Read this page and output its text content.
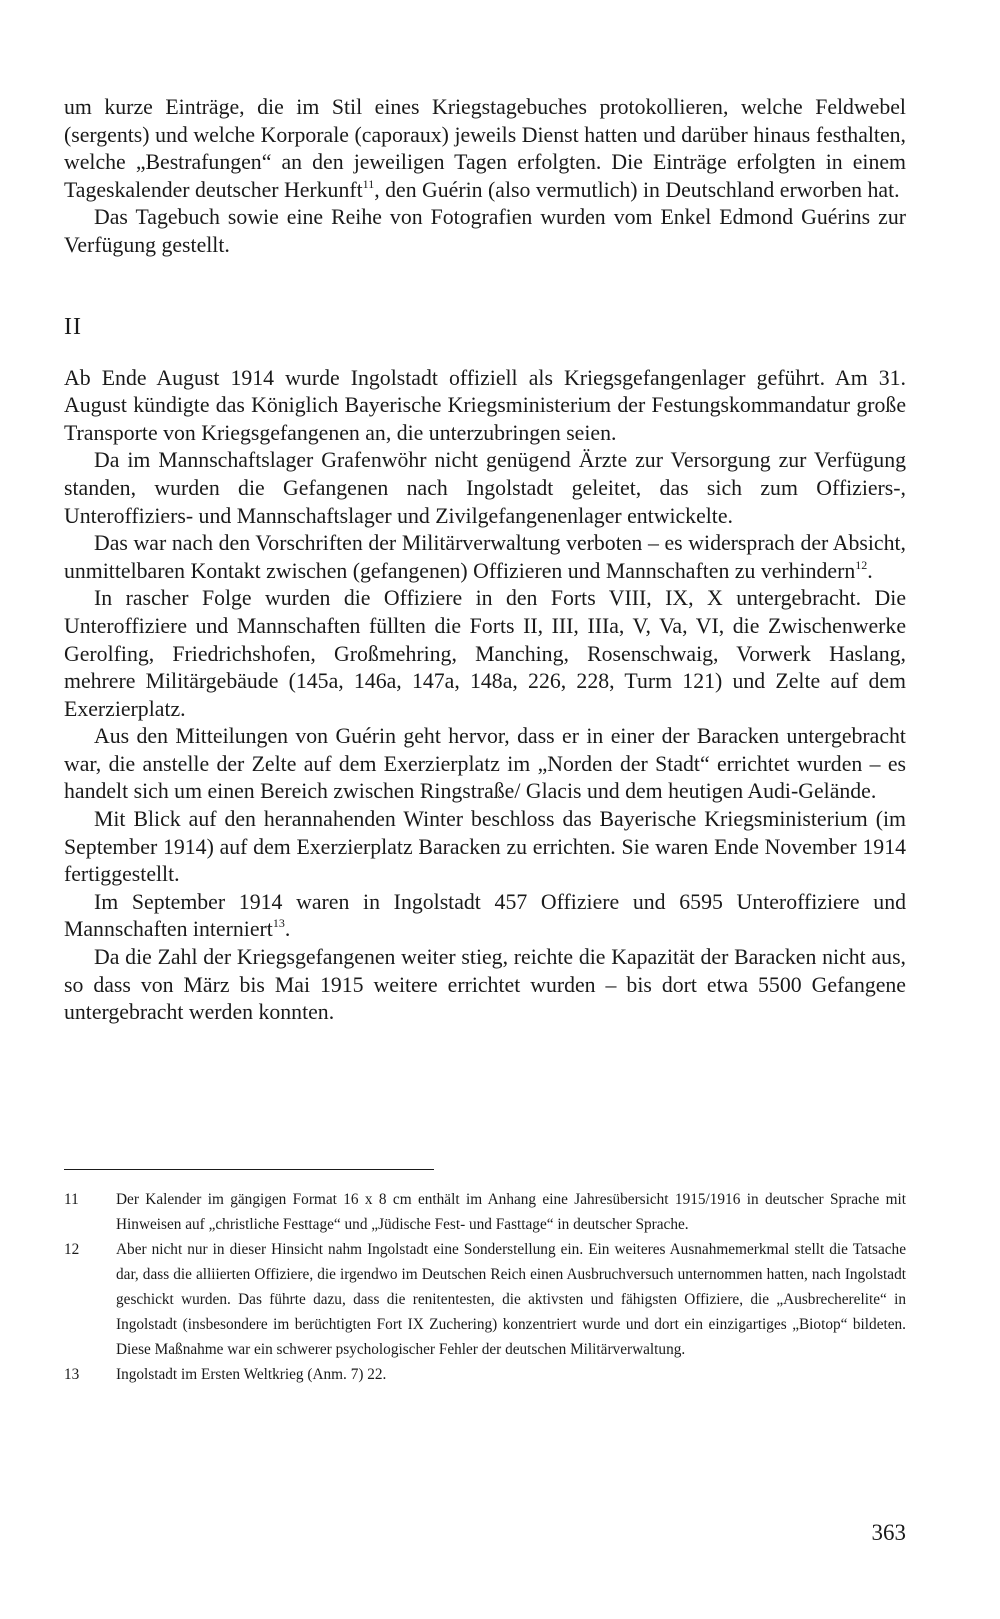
um kurze Einträge, die im Stil eines Kriegstagebuches protokollieren, welche Feldwebel (sergents) und welche Korporale (caporaux) jeweils Dienst hatten und darüber hinaus festhalten, welche „Bestrafungen“ an den jeweiligen Tagen erfolgten. Die Einträge erfolgten in einem Tageskalender deutscher Herkunft$^{11}$, den Guérin (also vermutlich) in Deutschland erworben hat.

Das Tagebuch sowie eine Reihe von Fotografien wurden vom Enkel Edmond Guérins zur Verfügung gestellt.

II

Ab Ende August 1914 wurde Ingolstadt offiziell als Kriegsgefangenlager geführt. Am 31. August kündigte das Königlich Bayerische Kriegsministerium der Festungskommandatur große Transporte von Kriegsgefangenen an, die unterzubringen seien.

Da im Mannschaftslager Grafenwöhr nicht genügend Ärzte zur Versorgung zur Verfügung standen, wurden die Gefangenen nach Ingolstadt geleitet, das sich zum Offiziers-, Unteroffiziers- und Mannschaftslager und Zivilgefangenenlager entwickelte.

Das war nach den Vorschriften der Militärverwaltung verboten – es widersprach der Absicht, unmittelbaren Kontakt zwischen (gefangenen) Offizieren und Mannschaften zu verhindern$^{12}$.

In rascher Folge wurden die Offiziere in den Forts VIII, IX, X untergebracht. Die Unteroffiziere und Mannschaften füllten die Forts II, III, IIIa, V, Va, VI, die Zwischenwerke Gerolfing, Friedrichshofen, Großmehring, Manching, Rosenschwaig, Vorwerk Haslang, mehrere Militärgebäude (145a, 146a, 147a, 148a, 226, 228, Turm 121) und Zelte auf dem Exerzierplatz.

Aus den Mitteilungen von Guérin geht hervor, dass er in einer der Baracken untergebracht war, die anstelle der Zelte auf dem Exerzierplatz im „Norden der Stadt“ errichtet wurden – es handelt sich um einen Bereich zwischen Ringstraße/ Glacis und dem heutigen Audi-Gelände.

Mit Blick auf den herannahenden Winter beschloss das Bayerische Kriegsministerium (im September 1914) auf dem Exerzierplatz Baracken zu errichten. Sie waren Ende November 1914 fertiggestellt.

Im September 1914 waren in Ingolstadt 457 Offiziere und 6595 Unteroffiziere und Mannschaften interniert$^{13}$.

Da die Zahl der Kriegsgefangenen weiter stieg, reichte die Kapazität der Baracken nicht aus, so dass von März bis Mai 1915 weitere errichtet wurden – bis dort etwa 5500 Gefangene untergebracht werden konnten.

11	Der Kalender im gängigen Format 16 x 8 cm enthält im Anhang eine Jahresübersicht 1915/1916 in deutscher Sprache mit Hinweisen auf „christliche Festtage“ und „Jüdische Fest- und Fasttage“ in deutscher Sprache.
12	Aber nicht nur in dieser Hinsicht nahm Ingolstadt eine Sonderstellung ein. Ein weiteres Ausnahmemerkmal stellt die Tatsache dar, dass die alliierten Offiziere, die irgendwo im Deutschen Reich einen Ausbruchversuch unternommen hatten, nach Ingolstadt geschickt wurden. Das führte dazu, dass die renitentesten, die aktivsten und fähigsten Offiziere, die „Ausbrecherelite“ in Ingolstadt (insbesondere im berüchtigten Fort IX Zuchering) konzentriert wurde und dort ein einzigartiges „Biotop“ bildeten. Diese Maßnahme war ein schwerer psychologischer Fehler der deutschen Militärverwaltung.
13	Ingolstadt im Ersten Weltkrieg (Anm. 7) 22.
363
